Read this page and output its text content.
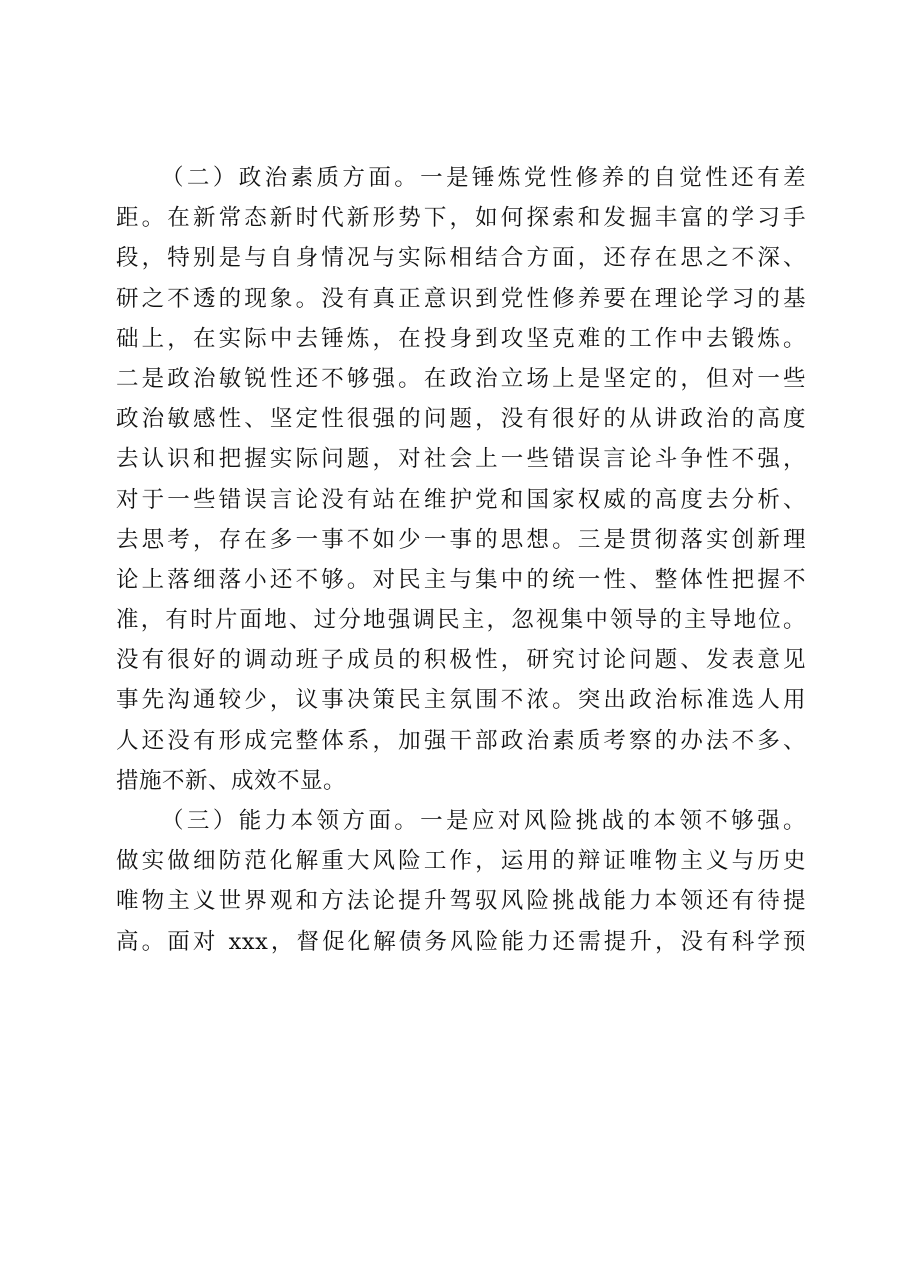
（二）政治素质方面。一是锤炼党性修养的自觉性还有差
距。在新常态新时代新形势下，如何探索和发掘丰富的学习手
段，特别是与自身情况与实际相结合方面，还存在思之不深、
研之不透的现象。没有真正意识到党性修养要在理论学习的基
础上，在实际中去锤炼，在投身到攻坚克难的工作中去锻炼。
二是政治敏锐性还不够强。在政治立场上是坚定的，但对一些
政治敏感性、坚定性很强的问题，没有很好的从讲政治的高度
去认识和把握实际问题，对社会上一些错误言论斗争性不强，
对于一些错误言论没有站在维护党和国家权威的高度去分析、
去思考，存在多一事不如少一事的思想。三是贯彻落实创新理
论上落细落小还不够。对民主与集中的统一性、整体性把握不
准，有时片面地、过分地强调民主，忽视集中领导的主导地位。
没有很好的调动班子成员的积极性，研究讨论问题、发表意见
事先沟通较少，议事决策民主氛围不浓。突出政治标准选人用
人还没有形成完整体系，加强干部政治素质考察的办法不多、
措施不新、成效不显。
（三）能力本领方面。一是应对风险挑战的本领不够强。
做实做细防范化解重大风险工作，运用的辩证唯物主义与历史
唯物主义世界观和方法论提升驾驭风险挑战能力本领还有待提
高。面对 xxx，督促化解债务风险能力还需提升，没有科学预
